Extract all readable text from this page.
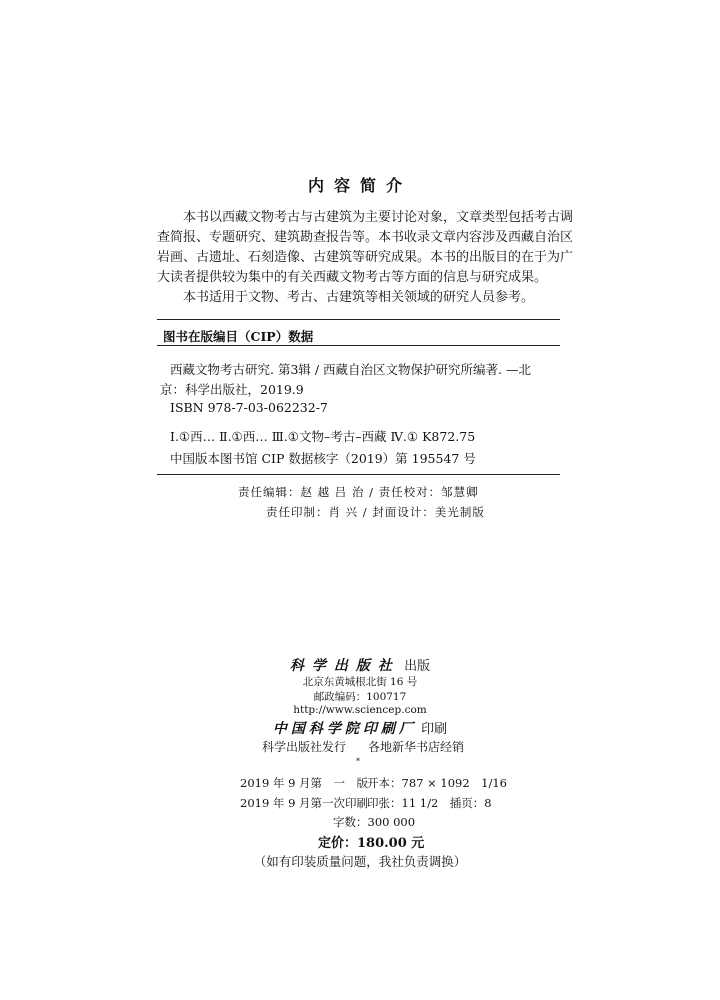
内容简介
本书以西藏文物考古与古建筑为主要讨论对象，文章类型包括考古调
查简报、专题研究、建筑勘查报告等。本书收录文章内容涉及西藏自治区
岩画、古遗址、石刻造像、古建筑等研究成果。本书的出版目的在于为广
大读者提供较为集中的有关西藏文物考古等方面的信息与研究成果。
本书适用于文物、考古、古建筑等相关领域的研究人员参考。
图书在版编目（CIP）数据
西藏文物考古研究. 第3辑 / 西藏自治区文物保护研究所编著. —北
京：科学出版社，2019.9
ISBN 978-7-03-062232-7
Ⅰ.①西… Ⅱ.①西… Ⅲ.①文物–考古–西藏 Ⅳ.① K872.75
中国版本图书馆 CIP 数据核字（2019）第 195547 号
责任编辑：赵 越 吕 治 / 责任校对：邹慧卿
责任印制：肖 兴 / 封面设计：美光制版
科学出版社 出版
北京东黄城根北街 16 号
邮政编码：100717
http://www.sciencep.com
中国科学院印刷厂 印刷
科学出版社发行 各地新华书店经销
*
2019 年 9 月第　一　版
开本：787 × 1092　1/16
2019 年 9 月第一次印刷
印张：11 1/2　插页：8
字数：300 000
定价：180.00 元
（如有印装质量问题，我社负责调换）
